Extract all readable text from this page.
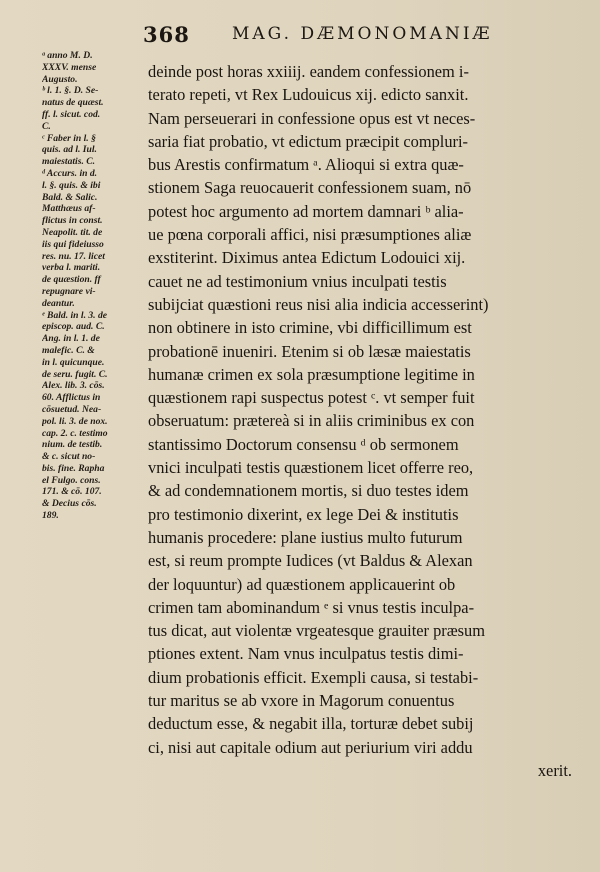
368 MAG. DÆMONOMANIÆ
ᵃ anno M. D.
XXXV. mense
Augusto.
ᵇ l. 1. §. D. Se-
natus de quæst.
ff. l. sicut. cod.
C.
ᶜ Faber in l. §
quis. ad l. Iul.
maiestatis. C.
ᵈ Accurs. in d.
l. §. quis. & ibi
Bald. & Salic.
Matthæus af-
flictus in const.
Neapolit. tit. de
iis qui fideiusso
res. nu. 17. licet
verba l. mariti.
de quæstion. ff
repugnare vi-
deantur.
ᵉ Bald. in l. 3. de
episcop. aud. C.
Ang. in l. 1. de
malefic. C. &
in l. quicunque.
de seru. fugit. C.
Alex. lib. 3. cōs.
60. Afflictus in
cōsuetud. Nea-
pol. li. 3. de nox.
cap. 2. c. testimo
nium. de testib.
& c. sicut no-
bis. fine. Rapha
el Fulgo. cons.
171. & cō. 107.
& Decius cōs.
189.
deinde post horas xxiiij. eandem confessionem i-
terato repeti, vt Rex Ludouicus xij. edicto sanxit.
Nam perseuerari in confessione opus est vt neces-
saria fiat probatio, vt edictum præcipit compluri-
bus Arestis confirmatum ᵃ. Alioqui si extra quæ-
stionem Saga reuocauerit confessionem suam, nō
potest hoc argumento ad mortem damnari ᵇ alia-
ue pœna corporali affici, nisi præsumptiones aliæ
exstiterint. Diximus antea Edictum Lodouici xij.
cauet ne ad testimonium vnius inculpati testis
subijciat quæstioni reus nisi alia indicia accesserint)
non obtinere in isto crimine, vbi difficillimum est
probationē inueniri. Etenim si ob læsæ maiestatis
humanæ crimen ex sola præsumptione legitime in
quæstionem rapi suspectus potest ᶜ. vt semper fuit
obseruatum: prætereà si in aliis criminibus ex con
stantissimo Doctorum consensu ᵈ ob sermonem
vnici inculpati testis quæstionem licet offerre reo,
& ad condemnationem mortis, si duo testes idem
pro testimonio dixerint, ex lege Dei & institutis
humanis procedere: plane iustius multo futurum
est, si reum prompte Iudices (vt Baldus & Alexan
der loquuntur) ad quæstionem applicauerint ob
crimen tam abominandum ᵉ si vnus testis inculpa-
tus dicat, aut violentæ vrgeatesque grauiter præsum
ptiones extent. Nam vnus inculpatus testis dimi-
dium probationis efficit. Exempli causa, si testabi-
tur maritus se ab vxore in Magorum conuentus
deductum esse, & negabit illa, torturæ debet subij
ci, nisi aut capitale odium aut periurium viri addu
xerit.
